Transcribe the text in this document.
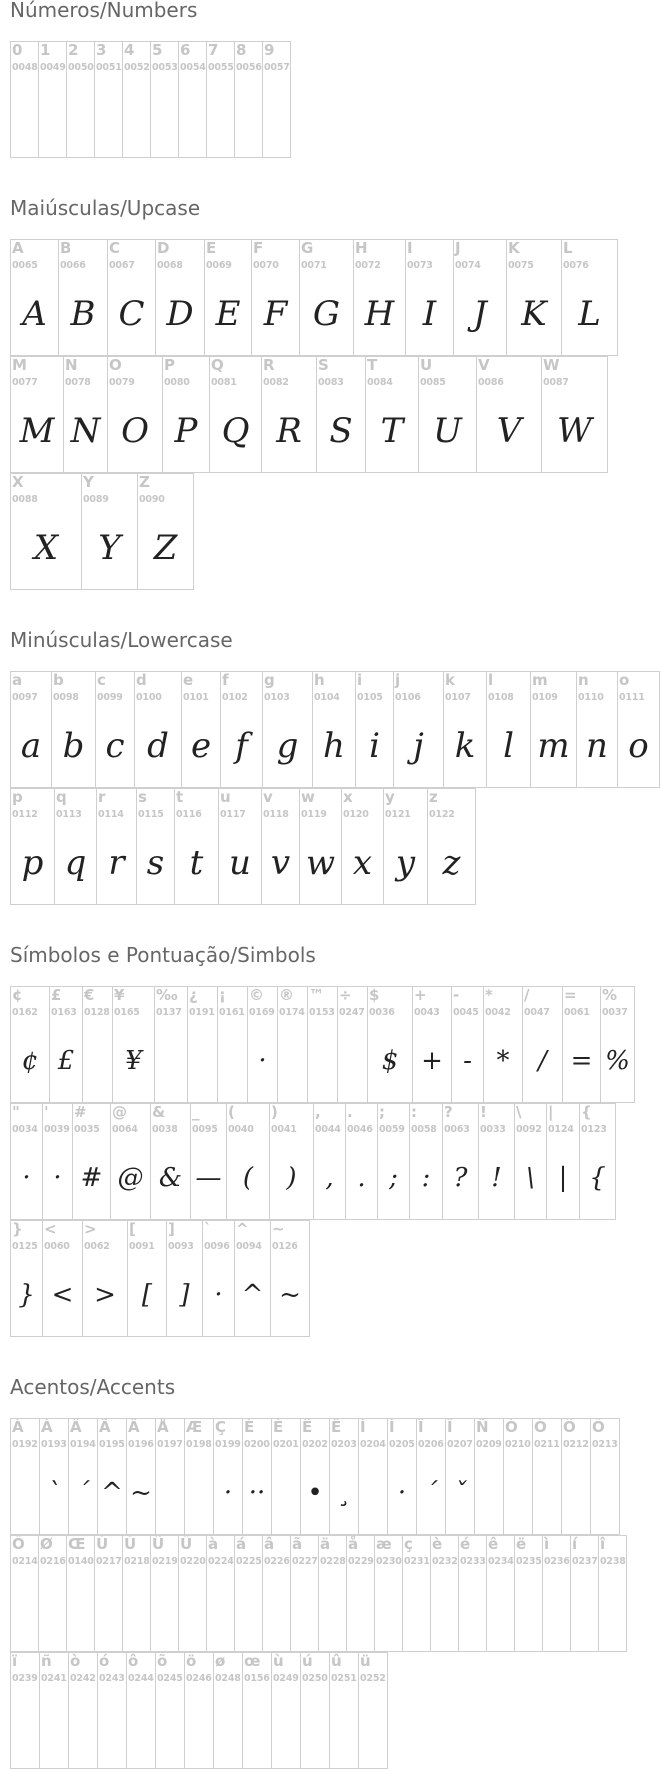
Números/Numbers
Maiúsculas/Upcase
Minúsculas/Lowercase
Símbolos e Pontuação/Simbols
Acentos/Accents
0
0048
1
0049
2
0050
3
0051
4
0052
5
0053
6
0054
7
0055
8
0056
9
0057
A
0065
A
B
0066
B
C
0067
C
D
0068
D
E
0069
E
F
0070
F
G
0071
G
H
0072
H
I
0073
I
J
0074
J
K
0075
K
L
0076
L
M
0077
M
N
0078
N
O
0079
O
P
0080
P
Q
0081
Q
R
0082
R
S
0083
S
T
0084
T
U
0085
U
V
0086
V
W
0087
W
X
0088
X
Y
0089
Y
Z
0090
Z
a
0097
a
b
0098
b
c
0099
c
d
0100
d
e
0101
e
f
0102
f
g
0103
g
h
0104
h
i
0105
i
j
0106
j
k
0107
k
l
0108
l
m
0109
m
n
0110
n
o
0111
o
p
0112
p
q
0113
q
r
0114
r
s
0115
s
t
0116
t
u
0117
u
v
0118
v
w
0119
w
x
0120
x
y
0121
y
z
0122
z
¢
0162
¢
£
0163
£
€
0128
¥
0165
¥
‰
0137
¿
0191
¡
0161
©
0169
·
®
0174
™
0153
÷
0247
$
0036
$
+
0043
+
-
0045
-
*
0042
*
/
0047
/
=
0061
=
%
0037
%
"
0034
·
'
0039
·
#
0035
#
@
0064
@
&
0038
&
_
0095
—
(
0040
(
)
0041
)
,
0044
,
.
0046
.
;
0059
;
:
0058
:
?
0063
?
!
0033
!
\
0092
\
|
0124
|
{
0123
{
}
0125
}
<
0060
<
>
0062
>
[
0091
[
]
0093
]
`
0096
·
^
0094
^
~
0126
~
À
0192
Á
0193
`
Â
0194
´
Ã
0195
^
Ä
0196
~
Å
0197
Æ
0198
Ç
0199
·
È
0200
··
É
0201
Ê
0202
•
Ë
0203
¸
Ì
0204
Í
0205
·
Î
0206
´
Ï
0207
ˇ
Ñ
0209
Ò
0210
Ó
0211
Ô
0212
Õ
0213
Ö
0214
Ø
0216
Œ
0140
Ù
0217
Ú
0218
Û
0219
Ü
0220
à
0224
á
0225
â
0226
ã
0227
ä
0228
å
0229
æ
0230
ç
0231
è
0232
é
0233
ê
0234
ë
0235
ì
0236
í
0237
î
0238
ï
0239
ñ
0241
ò
0242
ó
0243
ô
0244
õ
0245
ö
0246
ø
0248
œ
0156
ù
0249
ú
0250
û
0251
ü
0252
